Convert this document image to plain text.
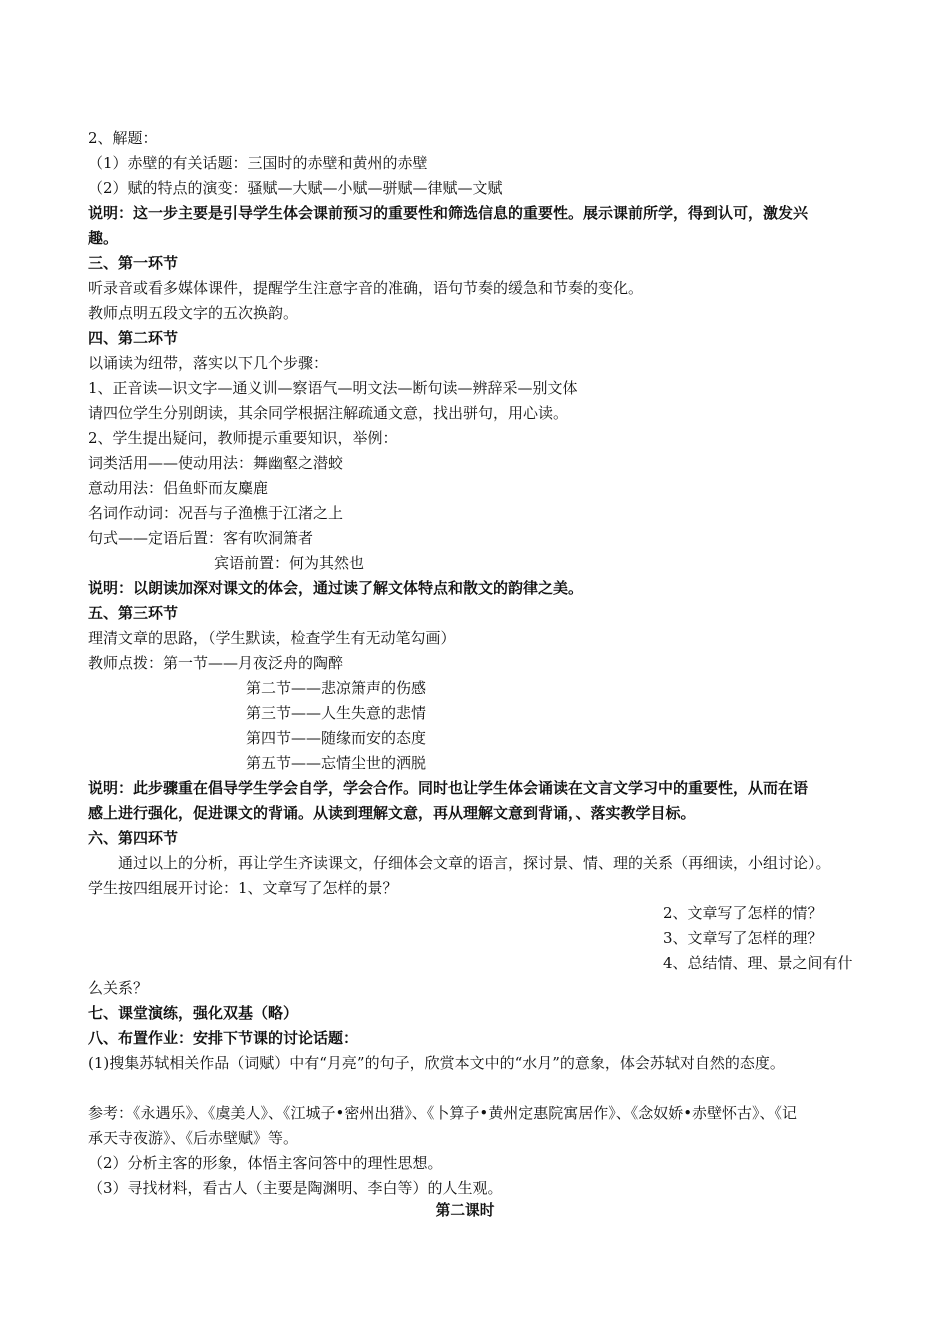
2、解题：
（1）赤壁的有关话题：三国时的赤壁和黄州的赤壁
（2）赋的特点的演变：骚赋—大赋—小赋—骈赋—律赋—文赋
说明：这一步主要是引导学生体会课前预习的重要性和筛选信息的重要性。展示课前所学，得到认可，激发兴
趣。
三、第一环节
听录音或看多媒体课件，提醒学生注意字音的准确，语句节奏的缓急和节奏的变化。
教师点明五段文字的五次换韵。
四、第二环节
以诵读为纽带，落实以下几个步骤：
1、正音读—识文字—通义训—察语气—明文法—断句读—辨辞采—别文体
请四位学生分别朗读，其余同学根据注解疏通文意，找出骈句，用心读。
2、学生提出疑问，教师提示重要知识，举例：
词类活用——使动用法：舞幽壑之潜蛟
意动用法：侣鱼虾而友麋鹿
名词作动词：况吾与子渔樵于江渚之上
句式——定语后置：客有吹洞箫者
宾语前置：何为其然也
说明：以朗读加深对课文的体会，通过读了解文体特点和散文的韵律之美。
五、第三环节
理清文章的思路，（学生默读，检查学生有无动笔勾画）
教师点拨：第一节——月夜泛舟的陶醉
第二节——悲凉箫声的伤感
第三节——人生失意的悲情
第四节——随缘而安的态度
第五节——忘情尘世的洒脱
说明：此步骤重在倡导学生学会自学，学会合作。同时也让学生体会诵读在文言文学习中的重要性，从而在语
感上进行强化，促进课文的背诵。从读到理解文意，再从理解文意到背诵，、落实教学目标。
六、第四环节
通过以上的分析，再让学生齐读课文，仔细体会文章的语言，探讨景、情、理的关系（再细读，小组讨论）。
学生按四组展开讨论：1、文章写了怎样的景？
2、文章写了怎样的情？
3、文章写了怎样的理？
4、总结情、理、景之间有什
么关系？
七、课堂演练，强化双基（略）
八、布置作业：安排下节课的讨论话题：
(1)搜集苏轼相关作品（词赋）中有“月亮”的句子，欣赏本文中的“水月”的意象，体会苏轼对自然的态度。
参考：《永遇乐》、《虞美人》、《江城子•密州出猎》、《卜算子•黄州定惠院寓居作》、《念奴娇•赤壁怀古》、《记
承天寺夜游》、《后赤壁赋》等。
（2）分析主客的形象，体悟主客问答中的理性思想。
（3）寻找材料，看古人（主要是陶渊明、李白等）的人生观。
第二课时
